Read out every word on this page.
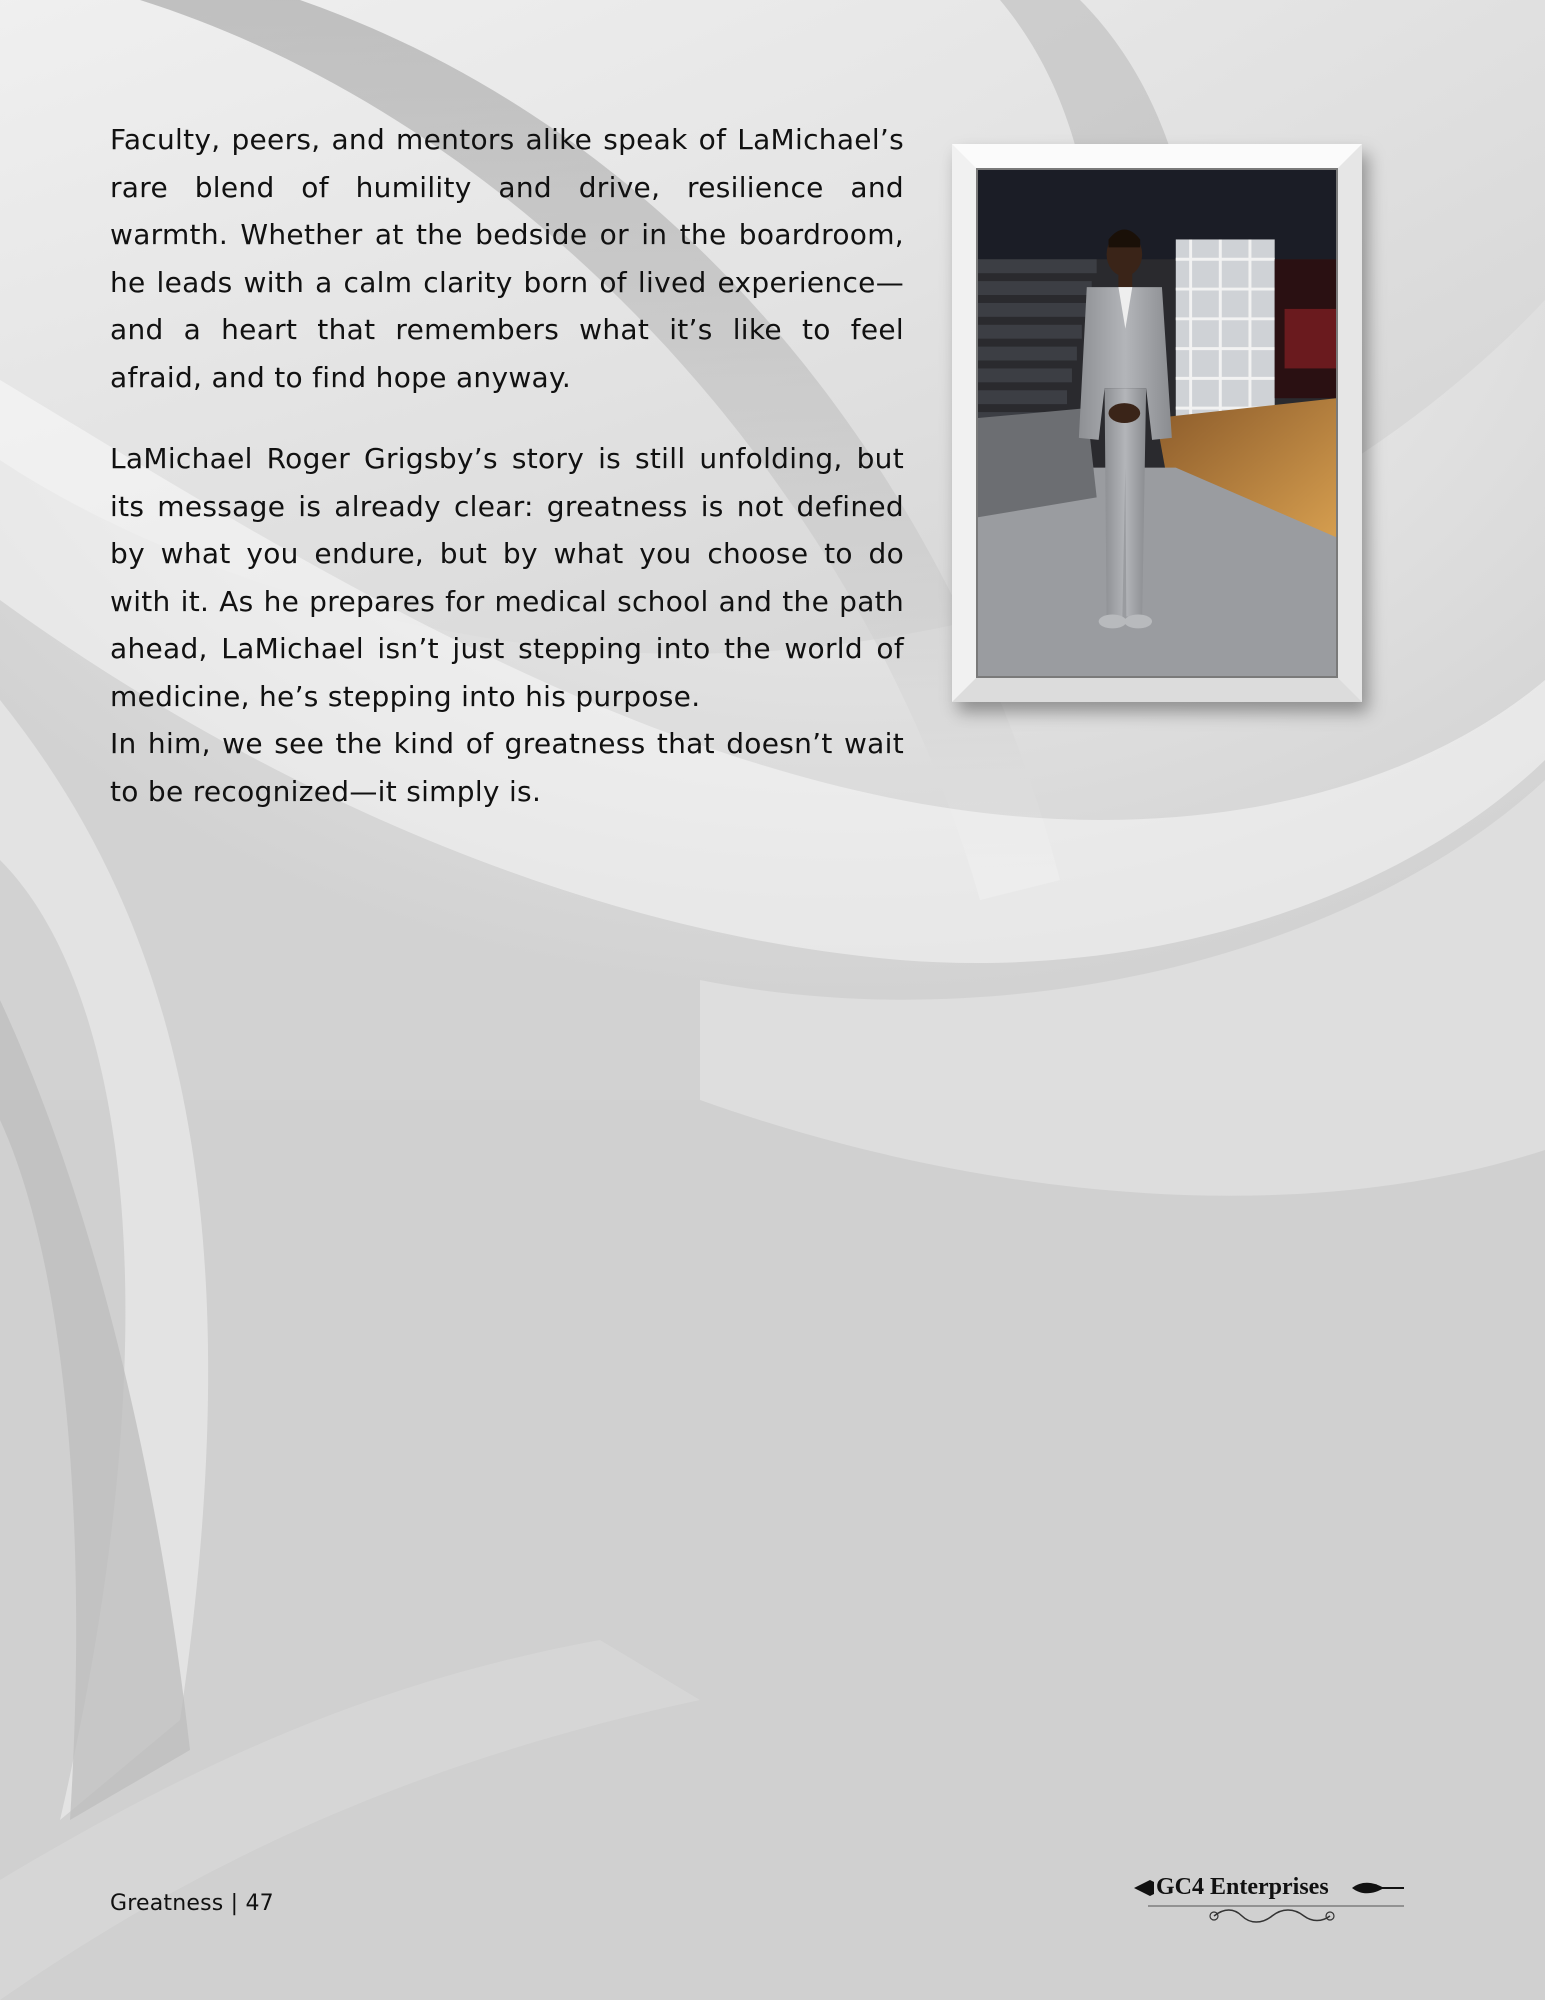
Faculty, peers, and mentors alike speak of LaMichael’s rare blend of humility and drive, resilience and warmth. Whether at the bedside or in the boardroom, he leads with a calm clarity born of lived experience—and a heart that remembers what it’s like to feel afraid, and to find hope anyway.

LaMichael Roger Grigsby’s story is still unfolding, but its message is already clear: greatness is not defined by what you endure, but by what you choose to do with it. As he prepares for medical school and the path ahead, LaMichael isn’t just stepping into the world of medicine, he’s stepping into his purpose.

In him, we see the kind of greatness that doesn’t wait to be recognized—it simply is.

Greatness | 47
GC4 Enterprises
